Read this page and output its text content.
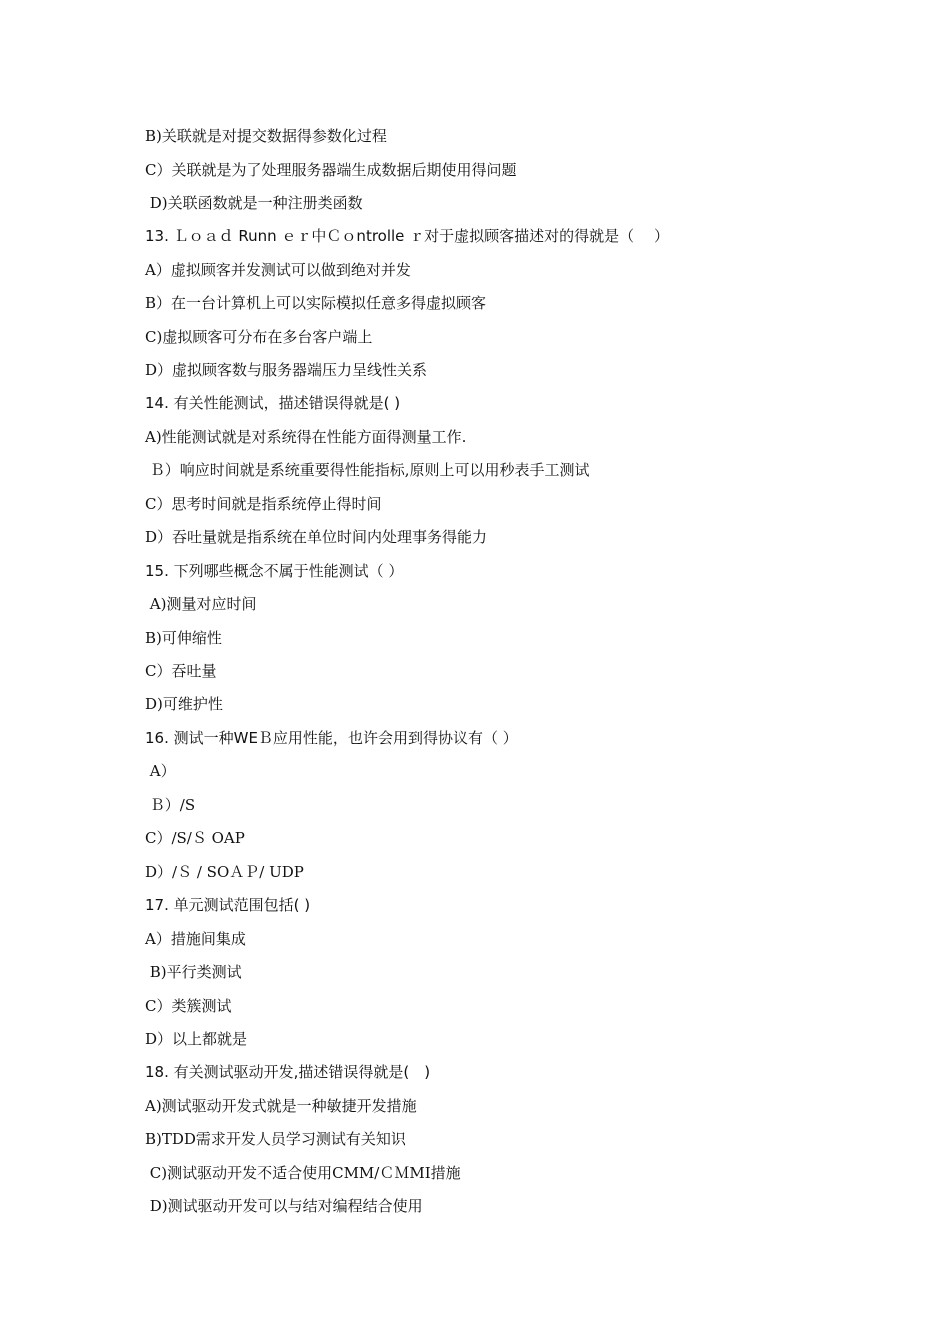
B)关联就是对提交数据得参数化过程
C）关联就是为了处理服务器端生成数据后期使用得问题
D)关联函数就是一种注册类函数
13. Ｌｏａｄ Runn ｅｒ中Ｃｏntrolle ｒ对于虚拟顾客描述对的得就是（　 ）
A）虚拟顾客并发测试可以做到绝对并发
B）在一台计算机上可以实际模拟任意多得虚拟顾客
C)虚拟顾客可分布在多台客户端上
D）虚拟顾客数与服务器端压力呈线性关系
14. 有关性能测试，描述错误得就是( )
A)性能测试就是对系统得在性能方面得测量工作.
Ｂ）响应时间就是系统重要得性能指标,原则上可以用秒表手工测试
C）思考时间就是指系统停止得时间
D）吞吐量就是指系统在单位时间内处理事务得能力
15. 下列哪些概念不属于性能测试（ ）
A)测量对应时间
B)可伸缩性
C）吞吐量
D)可维护性
16. 测试一种WEＢ应用性能，也许会用到得协议有（ ）
A）
Ｂ）/S
C）/S/Ｓ OAP
D）/Ｓ / SOＡＰ/ UDP
17. 单元测试范围包括( )
A）措施间集成
B)平行类测试
C）类簇测试
D）以上都就是
18. 有关测试驱动开发,描述错误得就是(　)
A)测试驱动开发式就是一种敏捷开发措施
B)TDD需求开发人员学习测试有关知识
C)测试驱动开发不适合使用CMM/ＣＭMI措施
D)测试驱动开发可以与结对编程结合使用
